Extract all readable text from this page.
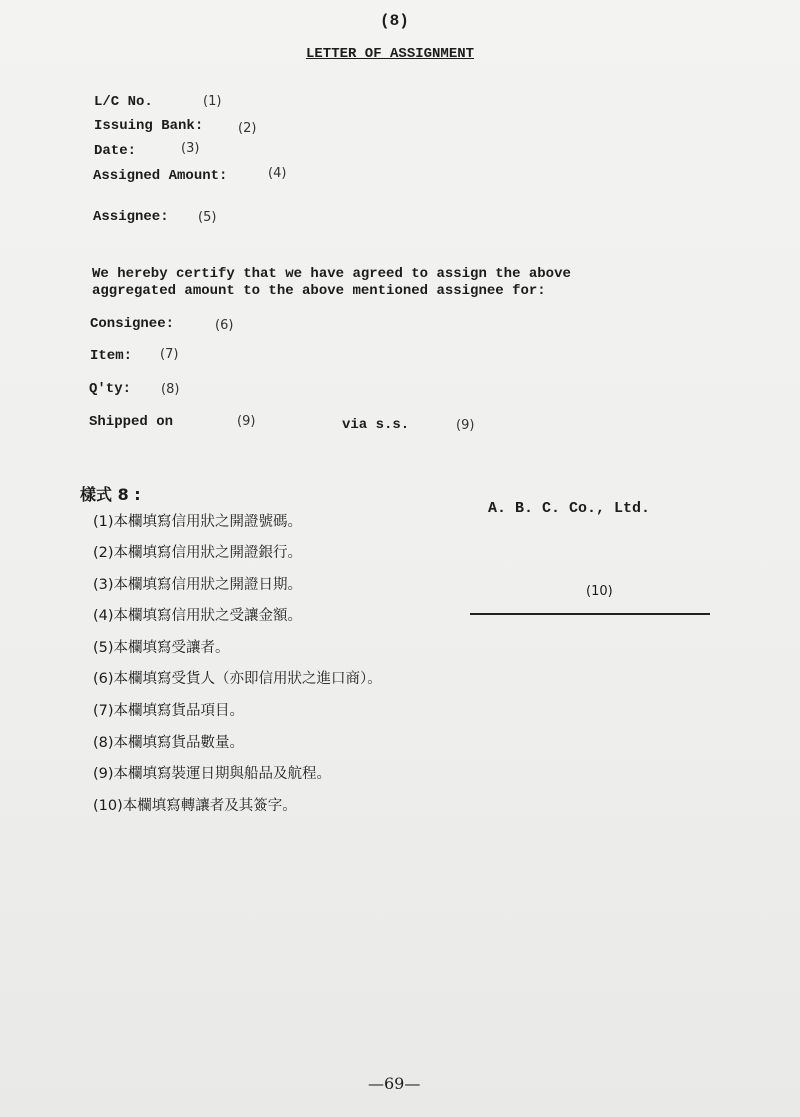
(8)
LETTER OF ASSIGNMENT
L/C No.	(1)
Issuing Bank:	(2)
Date:	(3)
Assigned Amount:	(4)
Assignee: (5)
We hereby certify that we have agreed to assign the above
aggregated amount to the above mentioned assignee for:
Consignee:	(6)
Item: (7)
Q'ty: (8)
Shipped on	(9)	via s.s.	(9)
樣式 8 :
(1)本欄填寫信用狀之開證號碼。
(2)本欄填寫信用狀之開證銀行。
(3)本欄填寫信用狀之開證日期。
(4)本欄填寫信用狀之受讓金額。
(5)本欄填寫受讓者。
(6)本欄填寫受貨人（亦即信用狀之進口商）。
(7)本欄填寫貨品項目。
(8)本欄填寫貨品數量。
(9)本欄填寫裝運日期與船品及航程。
(10)本欄填寫轉讓者及其簽字。
A. B. C. Co., Ltd.
(10)
—69—
